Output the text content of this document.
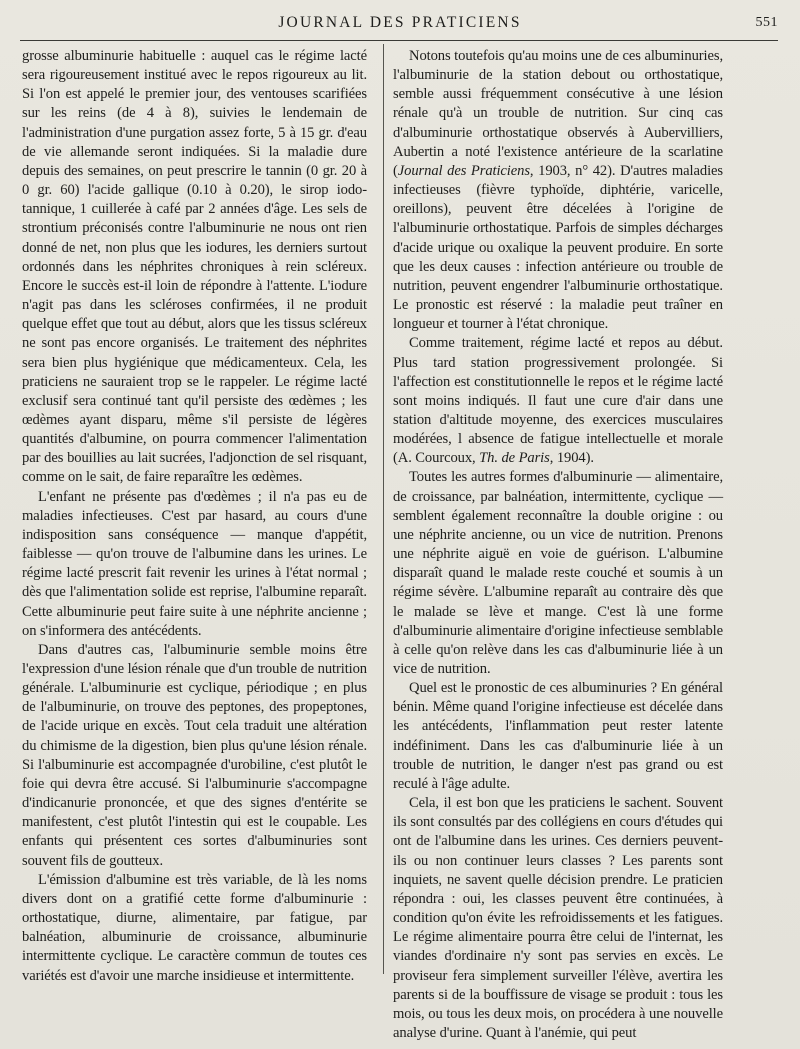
JOURNAL DES PRATICIENS	551

grosse albuminurie habituelle : auquel cas le régime lacté sera rigoureusement institué avec le repos rigoureux au lit. Si l'on est appelé le premier jour, des ventouses scarifiées sur les reins (de 4 à 8), suivies le lendemain de l'administration d'une purgation assez forte, 5 à 15 gr. d'eau de vie allemande seront indiquées. Si la maladie dure depuis des semaines, on peut prescrire le tannin (0 gr. 20 à 0 gr. 60) l'acide gallique (0.10 à 0.20), le sirop iodo-tannique, 1 cuillerée à café par 2 années d'âge. Les sels de strontium préconisés contre l'albuminurie ne nous ont rien donné de net, non plus que les iodures, les derniers surtout ordonnés dans les néphrites chroniques à rein scléreux. Encore le succès est-il loin de répondre à l'attente. L'iodure n'agit pas dans les scléroses confirmées, il ne produit quelque effet que tout au début, alors que les tissus scléreux ne sont pas encore organisés. Le traitement des néphrites sera bien plus hygiénique que médicamenteux. Cela, les praticiens ne sauraient trop se le rappeler. Le régime lacté exclusif sera continué tant qu'il persiste des œdèmes ; les œdèmes ayant disparu, même s'il persiste de légères quantités d'albumine, on pourra commencer l'alimentation par des bouillies au lait sucrées, l'adjonction de sel risquant, comme on le sait, de faire reparaître les œdèmes.

L'enfant ne présente pas d'œdèmes ; il n'a pas eu de maladies infectieuses. C'est par hasard, au cours d'une indisposition sans conséquence — manque d'appétit, faiblesse — qu'on trouve de l'albumine dans les urines. Le régime lacté prescrit fait revenir les urines à l'état normal ; dès que l'alimentation solide est reprise, l'albumine reparaît. Cette albuminurie peut faire suite à une néphrite ancienne ; on s'informera des antécédents.

Dans d'autres cas, l'albuminurie semble moins être l'expression d'une lésion rénale que d'un trouble de nutrition générale. L'albuminurie est cyclique, périodique ; en plus de l'albuminurie, on trouve des peptones, des propeptones, de l'acide urique en excès. Tout cela traduit une altération du chimisme de la digestion, bien plus qu'une lésion rénale. Si l'albuminurie est accompagnée d'urobiline, c'est plutôt le foie qui devra être accusé. Si l'albuminurie s'accompagne d'indicanurie prononcée, et que des signes d'entérite se manifestent, c'est plutôt l'intestin qui est le coupable. Les enfants qui présentent ces sortes d'albuminuries sont souvent fils de goutteux.

L'émission d'albumine est très variable, de là les noms divers dont on a gratifié cette forme d'albuminurie : orthostatique, diurne, alimentaire, par fatigue, par balnéation, albuminurie de croissance, albuminurie intermittente cyclique. Le caractère commun de toutes ces variétés est d'avoir une marche insidieuse et intermittente.

Notons toutefois qu'au moins une de ces albuminuries, l'albuminurie de la station debout ou orthostatique, semble aussi fréquemment consécutive à une lésion rénale qu'à un trouble de nutrition. Sur cinq cas d'albuminurie orthostatique observés à Aubervilliers, Aubertin a noté l'existence antérieure de la scarlatine (Journal des Praticiens, 1903, n° 42). D'autres maladies infectieuses (fièvre typhoïde, diphtérie, varicelle, oreillons), peuvent être décelées à l'origine de l'albuminurie orthostatique. Parfois de simples décharges d'acide urique ou oxalique la peuvent produire. En sorte que les deux causes : infection antérieure ou trouble de nutrition, peuvent engendrer l'albuminurie orthostatique. Le pronostic est réservé : la maladie peut traîner en longueur et tourner à l'état chronique.

Comme traitement, régime lacté et repos au début. Plus tard station progressivement prolongée. Si l'affection est constitutionnelle le repos et le régime lacté sont moins indiqués. Il faut une cure d'air dans une station d'altitude moyenne, des exercices musculaires modérées, l absence de fatigue intellectuelle et morale (A. Courcoux, Th. de Paris, 1904).

Toutes les autres formes d'albuminurie — alimentaire, de croissance, par balnéation, intermittente, cyclique — semblent également reconnaître la double origine : ou une néphrite ancienne, ou un vice de nutrition. Prenons une néphrite aiguë en voie de guérison. L'albumine disparaît quand le malade reste couché et soumis à un régime sévère. L'albumine reparaît au contraire dès que le malade se lève et mange. C'est là une forme d'albuminurie alimentaire d'origine infectieuse semblable à celle qu'on relève dans les cas d'albuminurie liée à un vice de nutrition.

Quel est le pronostic de ces albuminuries ? En général bénin. Même quand l'origine infectieuse est décelée dans les antécédents, l'inflammation peut rester latente indéfiniment. Dans les cas d'albuminurie liée à un trouble de nutrition, le danger n'est pas grand ou est reculé à l'âge adulte.

Cela, il est bon que les praticiens le sachent. Souvent ils sont consultés par des collégiens en cours d'études qui ont de l'albumine dans les urines. Ces derniers peuvent-ils ou non continuer leurs classes ? Les parents sont inquiets, ne savent quelle décision prendre. Le praticien répondra : oui, les classes peuvent être continuées, à condition qu'on évite les refroidissements et les fatigues. Le régime alimentaire pourra être celui de l'internat, les viandes d'ordinaire n'y sont pas servies en excès. Le proviseur fera simplement surveiller l'élève, avertira les parents si de la bouffissure de visage se produit : tous les mois, ou tous les deux mois, on procédera à une nouvelle analyse d'urine. Quant à l'anémie, qui peut
